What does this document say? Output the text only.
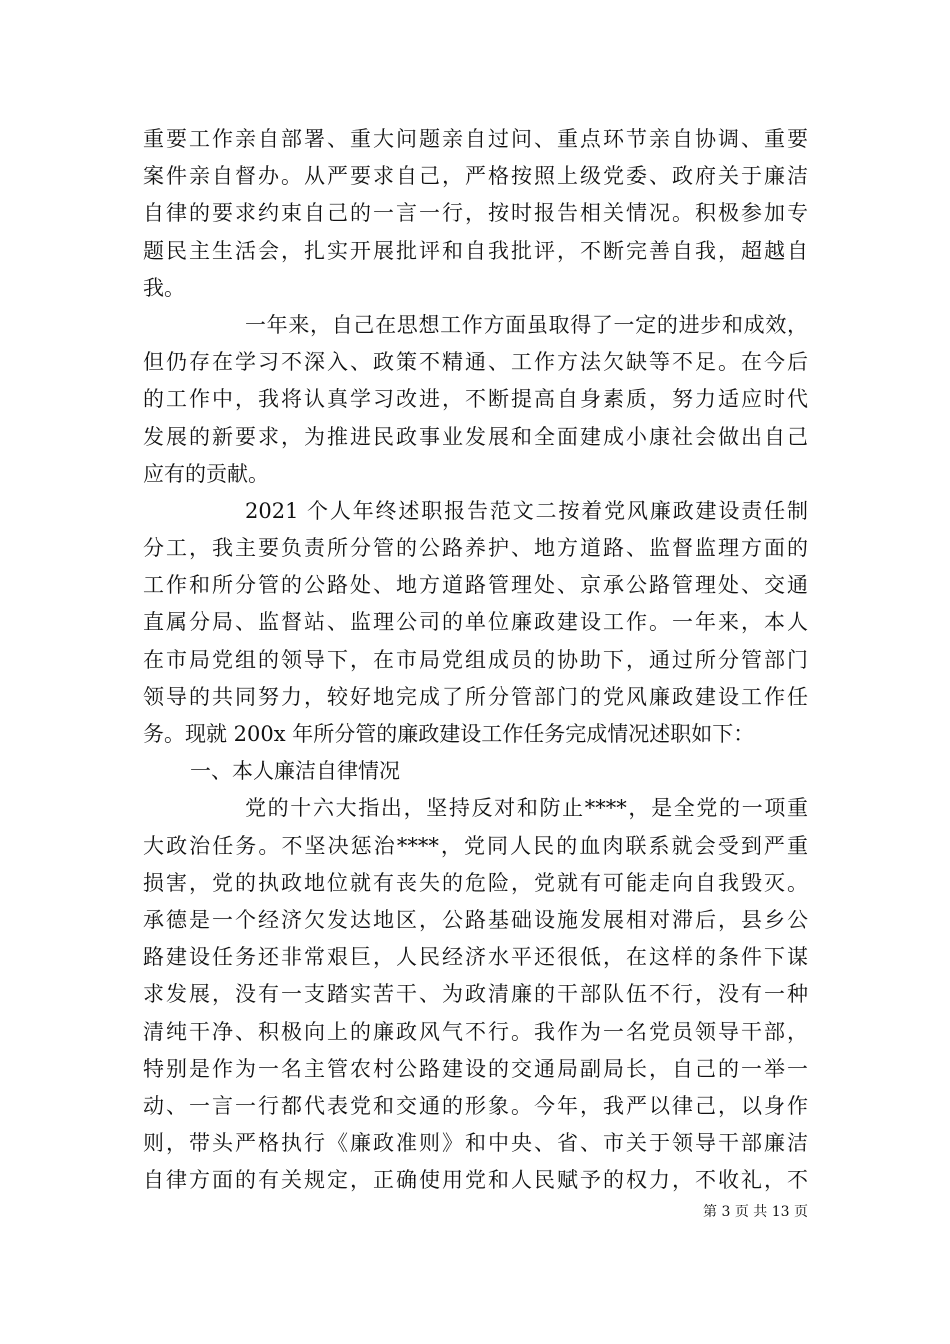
重要工作亲自部署、重大问题亲自过问、重点环节亲自协调、重要
案件亲自督办。从严要求自己，严格按照上级党委、政府关于廉洁
自律的要求约束自己的一言一行，按时报告相关情况。积极参加专
题民主生活会，扎实开展批评和自我批评，不断完善自我，超越自
我。
一年来，自己在思想工作方面虽取得了一定的进步和成效，
但仍存在学习不深入、政策不精通、工作方法欠缺等不足。在今后
的工作中，我将认真学习改进，不断提高自身素质，努力适应时代
发展的新要求，为推进民政事业发展和全面建成小康社会做出自己
应有的贡献。
2021 个人年终述职报告范文二按着党风廉政建设责任制
分工，我主要负责所分管的公路养护、地方道路、监督监理方面的
工作和所分管的公路处、地方道路管理处、京承公路管理处、交通
直属分局、监督站、监理公司的单位廉政建设工作。一年来，本人
在市局党组的领导下，在市局党组成员的协助下，通过所分管部门
领导的共同努力，较好地完成了所分管部门的党风廉政建设工作任
务。现就 200x 年所分管的廉政建设工作任务完成情况述职如下：
一、本人廉洁自律情况
党的十六大指出，坚持反对和防止****，是全党的一项重
大政治任务。不坚决惩治****，党同人民的血肉联系就会受到严重
损害，党的执政地位就有丧失的危险，党就有可能走向自我毁灭。
承德是一个经济欠发达地区，公路基础设施发展相对滞后，县乡公
路建设任务还非常艰巨，人民经济水平还很低，在这样的条件下谋
求发展，没有一支踏实苦干、为政清廉的干部队伍不行，没有一种
清纯干净、积极向上的廉政风气不行。我作为一名党员领导干部，
特别是作为一名主管农村公路建设的交通局副局长，自己的一举一
动、一言一行都代表党和交通的形象。今年，我严以律己，以身作
则，带头严格执行《廉政准则》和中央、省、市关于领导干部廉洁
自律方面的有关规定，正确使用党和人民赋予的权力，不收礼，不
第 3 页 共 13 页
